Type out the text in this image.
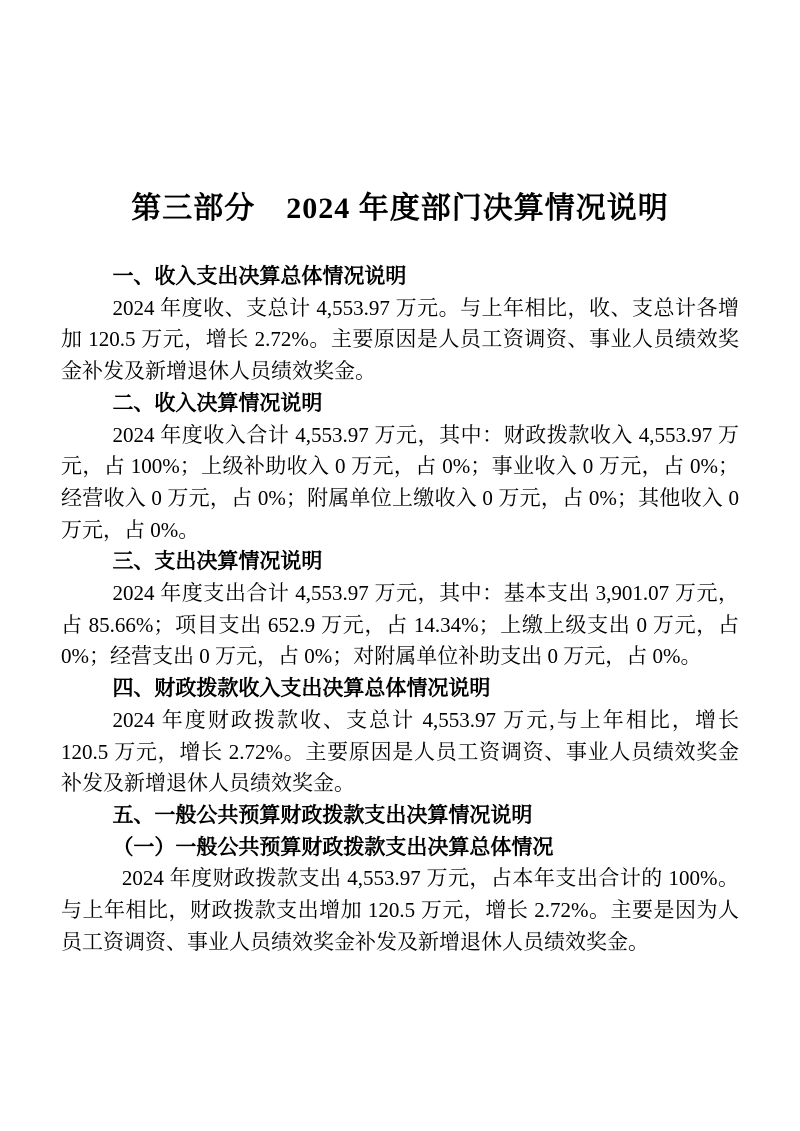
第三部分　2024 年度部门决算情况说明
一、收入支出决算总体情况说明

2024 年度收、支总计 4,553.97 万元。与上年相比，收、支总计各增加 120.5 万元，增长 2.72%。主要原因是人员工资调资、事业人员绩效奖金补发及新增退休人员绩效奖金。

二、收入决算情况说明

2024 年度收入合计 4,553.97 万元，其中：财政拨款收入 4,553.97 万元，占 100%；上级补助收入 0 万元，占 0%；事业收入 0 万元，占 0%；经营收入 0 万元，占 0%；附属单位上缴收入 0 万元，占 0%；其他收入 0 万元，占 0%。

三、支出决算情况说明

2024 年度支出合计 4,553.97 万元，其中：基本支出 3,901.07 万元，占 85.66%；项目支出 652.9 万元，占 14.34%；上缴上级支出 0 万元，占 0%；经营支出 0 万元，占 0%；对附属单位补助支出 0 万元，占 0%。

四、财政拨款收入支出决算总体情况说明

2024 年度财政拨款收、支总计 4,553.97 万元,与上年相比，增长 120.5 万元，增长 2.72%。主要原因是人员工资调资、事业人员绩效奖金补发及新增退休人员绩效奖金。

五、一般公共预算财政拨款支出决算情况说明
（一）一般公共预算财政拨款支出决算总体情况

2024 年度财政拨款支出 4,553.97 万元，占本年支出合计的 100%。与上年相比，财政拨款支出增加 120.5 万元，增长 2.72%。主要是因为人员工资调资、事业人员绩效奖金补发及新增退休人员绩效奖金。
